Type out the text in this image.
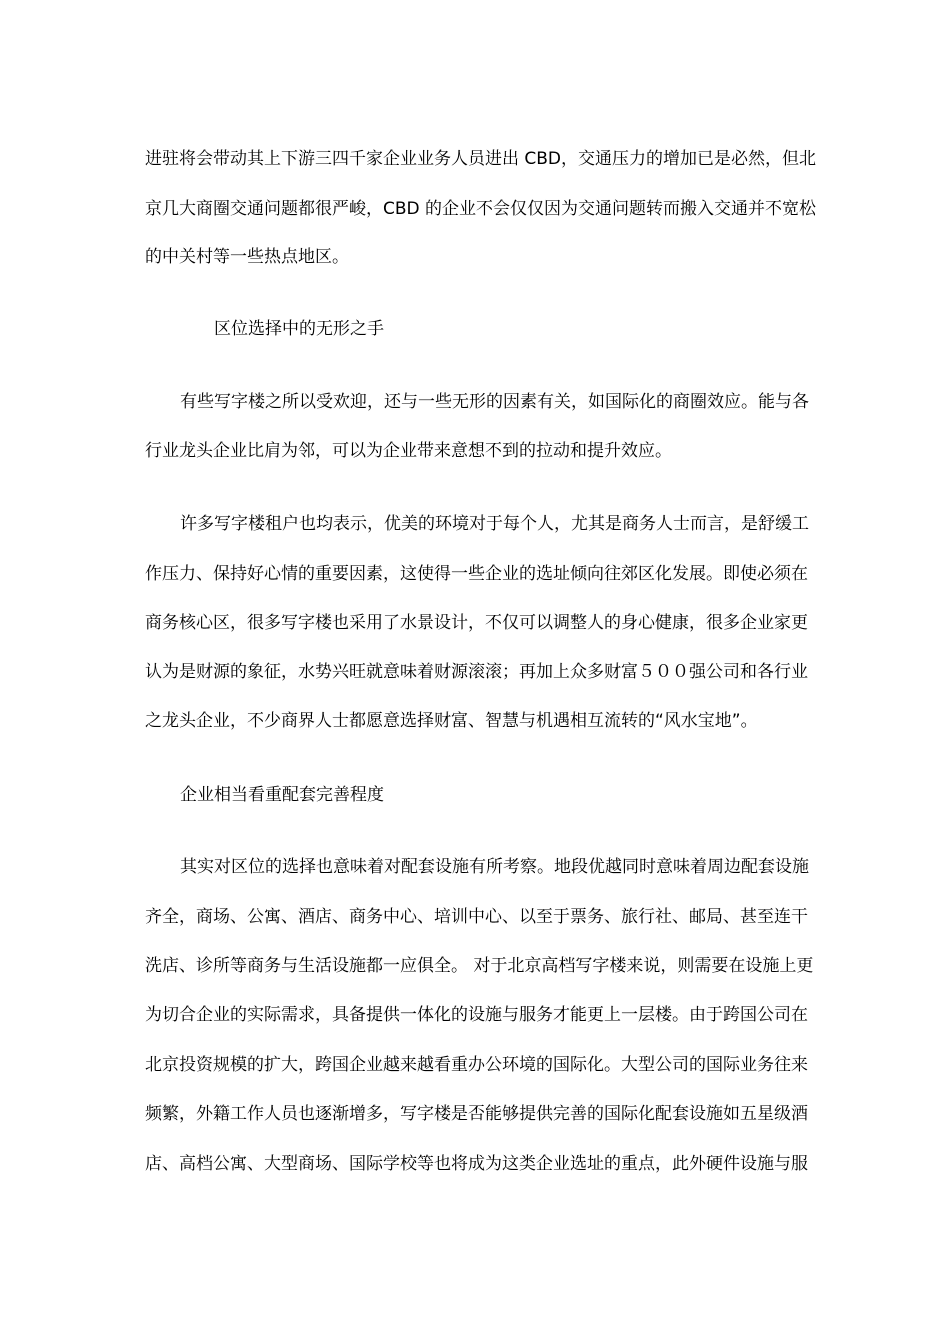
进驻将会带动其上下游三四千家企业业务人员进出 CBD，交通压力的增加已是必然，但北
京几大商圈交通问题都很严峻，CBD 的企业不会仅仅因为交通问题转而搬入交通并不宽松
的中关村等一些热点地区。
区位选择中的无形之手
有些写字楼之所以受欢迎，还与一些无形的因素有关，如国际化的商圈效应。能与各
行业龙头企业比肩为邻，可以为企业带来意想不到的拉动和提升效应。
许多写字楼租户也均表示，优美的环境对于每个人，尤其是商务人士而言，是舒缓工
作压力、保持好心情的重要因素，这使得一些企业的选址倾向往郊区化发展。即使必须在
商务核心区，很多写字楼也采用了水景设计，不仅可以调整人的身心健康，很多企业家更
认为是财源的象征，水势兴旺就意味着财源滚滚；再加上众多财富５００强公司和各行业
之龙头企业，不少商界人士都愿意选择财富、智慧与机遇相互流转的“风水宝地”。
企业相当看重配套完善程度
其实对区位的选择也意味着对配套设施有所考察。地段优越同时意味着周边配套设施
齐全，商场、公寓、酒店、商务中心、培训中心、以至于票务、旅行社、邮局、甚至连干
洗店、诊所等商务与生活设施都一应俱全。 对于北京高档写字楼来说，则需要在设施上更
为切合企业的实际需求，具备提供一体化的设施与服务才能更上一层楼。由于跨国公司在
北京投资规模的扩大，跨国企业越来越看重办公环境的国际化。大型公司的国际业务往来
频繁，外籍工作人员也逐渐增多，写字楼是否能够提供完善的国际化配套设施如五星级酒
店、高档公寓、大型商场、国际学校等也将成为这类企业选址的重点，此外硬件设施与服
